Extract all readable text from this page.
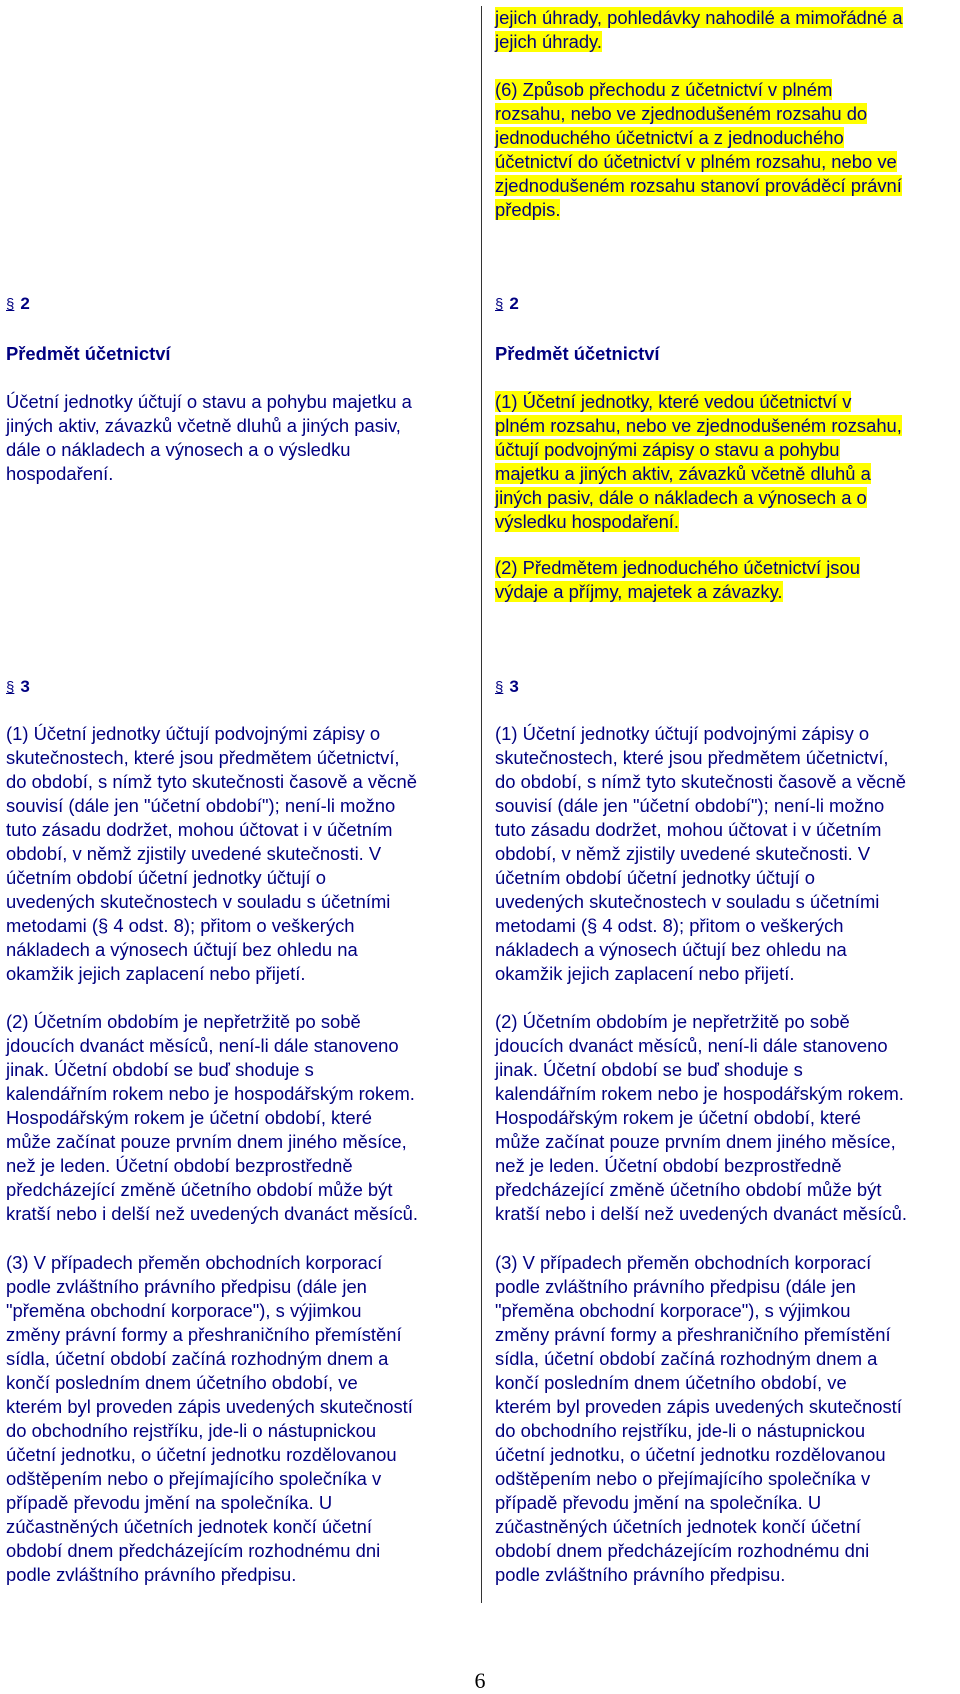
§ 2
Předmět účetnictví
Účetní jednotky účtují o stavu a pohybu majetku a
jiných aktiv, závazků včetně dluhů a jiných pasiv,
dále o nákladech a výnosech a o výsledku
hospodaření.
§ 3
(1) Účetní jednotky účtují podvojnými zápisy o
skutečnostech, které jsou předmětem účetnictví,
do období, s nímž tyto skutečnosti časově a věcně
souvisí (dále jen "účetní období"); není-li možno
tuto zásadu dodržet, mohou účtovat i v účetním
období, v němž zjistily uvedené skutečnosti. V
účetním období účetní jednotky účtují o
uvedených skutečnostech v souladu s účetními
metodami (§ 4 odst. 8); přitom o veškerých
nákladech a výnosech účtují bez ohledu na
okamžik jejich zaplacení nebo přijetí.
(2) Účetním obdobím je nepřetržitě po sobě
jdoucích dvanáct měsíců, není-li dále stanoveno
jinak. Účetní období se buď shoduje s
kalendářním rokem nebo je hospodářským rokem.
Hospodářským rokem je účetní období, které
může začínat pouze prvním dnem jiného měsíce,
než je leden. Účetní období bezprostředně
předcházející změně účetního období může být
kratší nebo i delší než uvedených dvanáct měsíců.
(3) V případech přeměn obchodních korporací
podle zvláštního právního předpisu (dále jen
"přeměna obchodní korporace"), s výjimkou
změny právní formy a přeshraničního přemístění
sídla, účetní období začíná rozhodným dnem a
končí posledním dnem účetního období, ve
kterém byl proveden zápis uvedených skutečností
do obchodního rejstříku, jde-li o nástupnickou
účetní jednotku, o účetní jednotku rozdělovanou
odštěpením nebo o přejímajícího společníka v
případě převodu jmění na společníka. U
zúčastněných účetních jednotek končí účetní
období dnem předcházejícím rozhodnému dni
podle zvláštního právního předpisu.
jejich úhrady, pohledávky nahodilé a mimořádné a
jejich úhrady.
(6) Způsob přechodu z účetnictví v plném
rozsahu, nebo ve zjednodušeném rozsahu do
jednoduchého účetnictví a z jednoduchého
účetnictví do účetnictví v plném rozsahu, nebo ve
zjednodušeném rozsahu stanoví prováděcí právní
předpis.
§ 2
Předmět účetnictví
(1) Účetní jednotky, které vedou účetnictví v
plném rozsahu, nebo ve zjednodušeném rozsahu,
účtují podvojnými zápisy o stavu a pohybu
majetku a jiných aktiv, závazků včetně dluhů a
jiných pasiv, dále o nákladech a výnosech a o
výsledku hospodaření.
(2) Předmětem jednoduchého účetnictví jsou
výdaje a příjmy, majetek a závazky.
§ 3
(1) Účetní jednotky účtují podvojnými zápisy o
skutečnostech, které jsou předmětem účetnictví,
do období, s nímž tyto skutečnosti časově a věcně
souvisí (dále jen "účetní období"); není-li možno
tuto zásadu dodržet, mohou účtovat i v účetním
období, v němž zjistily uvedené skutečnosti. V
účetním období účetní jednotky účtují o
uvedených skutečnostech v souladu s účetními
metodami (§ 4 odst. 8); přitom o veškerých
nákladech a výnosech účtují bez ohledu na
okamžik jejich zaplacení nebo přijetí.
(2) Účetním obdobím je nepřetržitě po sobě
jdoucích dvanáct měsíců, není-li dále stanoveno
jinak. Účetní období se buď shoduje s
kalendářním rokem nebo je hospodářským rokem.
Hospodářským rokem je účetní období, které
může začínat pouze prvním dnem jiného měsíce,
než je leden. Účetní období bezprostředně
předcházející změně účetního období může být
kratší nebo i delší než uvedených dvanáct měsíců.
(3) V případech přeměn obchodních korporací
podle zvláštního právního předpisu (dále jen
"přeměna obchodní korporace"), s výjimkou
změny právní formy a přeshraničního přemístění
sídla, účetní období začíná rozhodným dnem a
končí posledním dnem účetního období, ve
kterém byl proveden zápis uvedených skutečností
do obchodního rejstříku, jde-li o nástupnickou
účetní jednotku, o účetní jednotku rozdělovanou
odštěpením nebo o přejímajícího společníka v
případě převodu jmění na společníka. U
zúčastněných účetních jednotek končí účetní
období dnem předcházejícím rozhodnému dni
podle zvláštního právního předpisu.
6
